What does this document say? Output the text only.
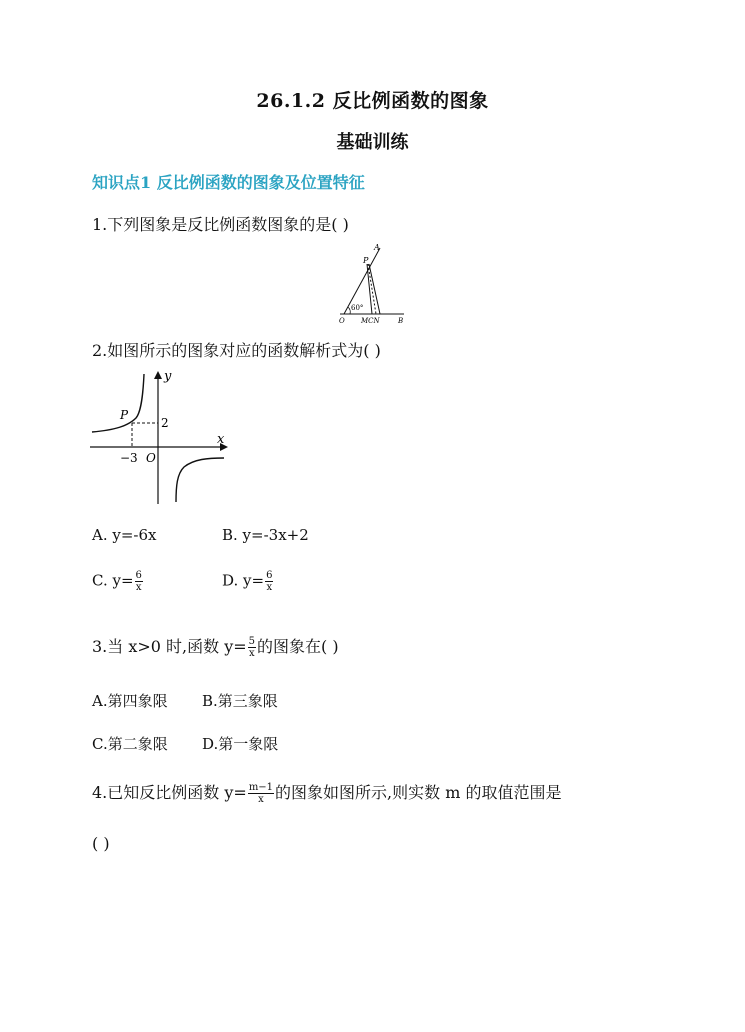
26.1.2 反比例函数的图象
基础训练
知识点1 反比例函数的图象及位置特征
1.下列图象是反比例函数图象的是( )
A
P
60°
O MCN	B
2.如图所示的图象对应的函数解析式为( )
y
x
P
2
−3 O
A. y=-6x	B. y=-3x+2
C. $y= \frac{6}{x}$	D. $y= \frac{6}{x}$
3.当 x>0 时,函数 $y= \frac{5}{x}$ 的图象在( )
A.第四象限 B.第三象限
C.第二象限 D.第一象限
4.已知反比例函数 $y= \frac{m-1}{x}$ 的图象如图所示,则实数 m 的取值范围是
( )
